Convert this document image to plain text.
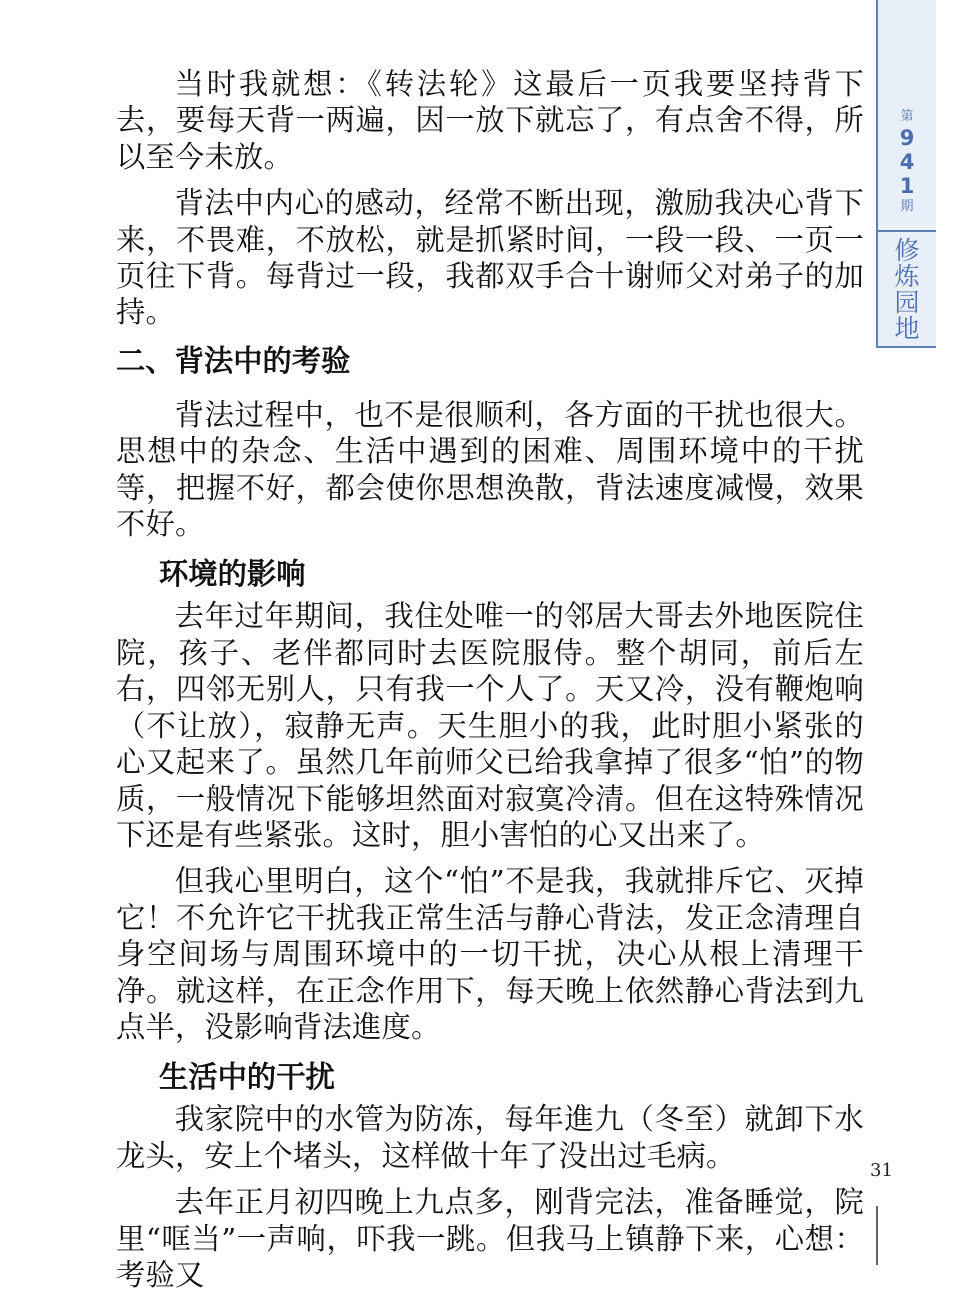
第
9
4
1
期
修
炼
园
地

当时我就想：《转法轮》这最后一页我要坚持背下去，要每天背一两遍，因一放下就忘了，有点舍不得，所以至今未放。

背法中内心的感动，经常不断出现，激励我决心背下来，不畏难，不放松，就是抓紧时间，一段一段、一页一页往下背。每背过一段，我都双手合十谢师父对弟子的加持。

二、背法中的考验

背法过程中，也不是很顺利，各方面的干扰也很大。思想中的杂念、生活中遇到的困难、周围环境中的干扰等，把握不好，都会使你思想涣散，背法速度减慢，效果不好。

环境的影响

去年过年期间，我住处唯一的邻居大哥去外地医院住院，孩子、老伴都同时去医院服侍。整个胡同，前后左右，四邻无别人，只有我一个人了。天又冷，没有鞭炮响（不让放），寂静无声。天生胆小的我，此时胆小紧张的心又起来了。虽然几年前师父已给我拿掉了很多“怕”的物质，一般情况下能够坦然面对寂寞冷清。但在这特殊情况下还是有些紧张。这时，胆小害怕的心又出来了。

但我心里明白，这个“怕”不是我，我就排斥它、灭掉它！不允许它干扰我正常生活与静心背法，发正念清理自身空间场与周围环境中的一切干扰，决心从根上清理干净。就这样，在正念作用下，每天晚上依然静心背法到九点半，没影响背法進度。

生活中的干扰

我家院中的水管为防冻，每年進九（冬至）就卸下水龙头，安上个堵头，这样做十年了没出过毛病。

去年正月初四晚上九点多，刚背完法，准备睡觉，院里“哐当”一声响，吓我一跳。但我马上镇静下来，心想：考验又

31
